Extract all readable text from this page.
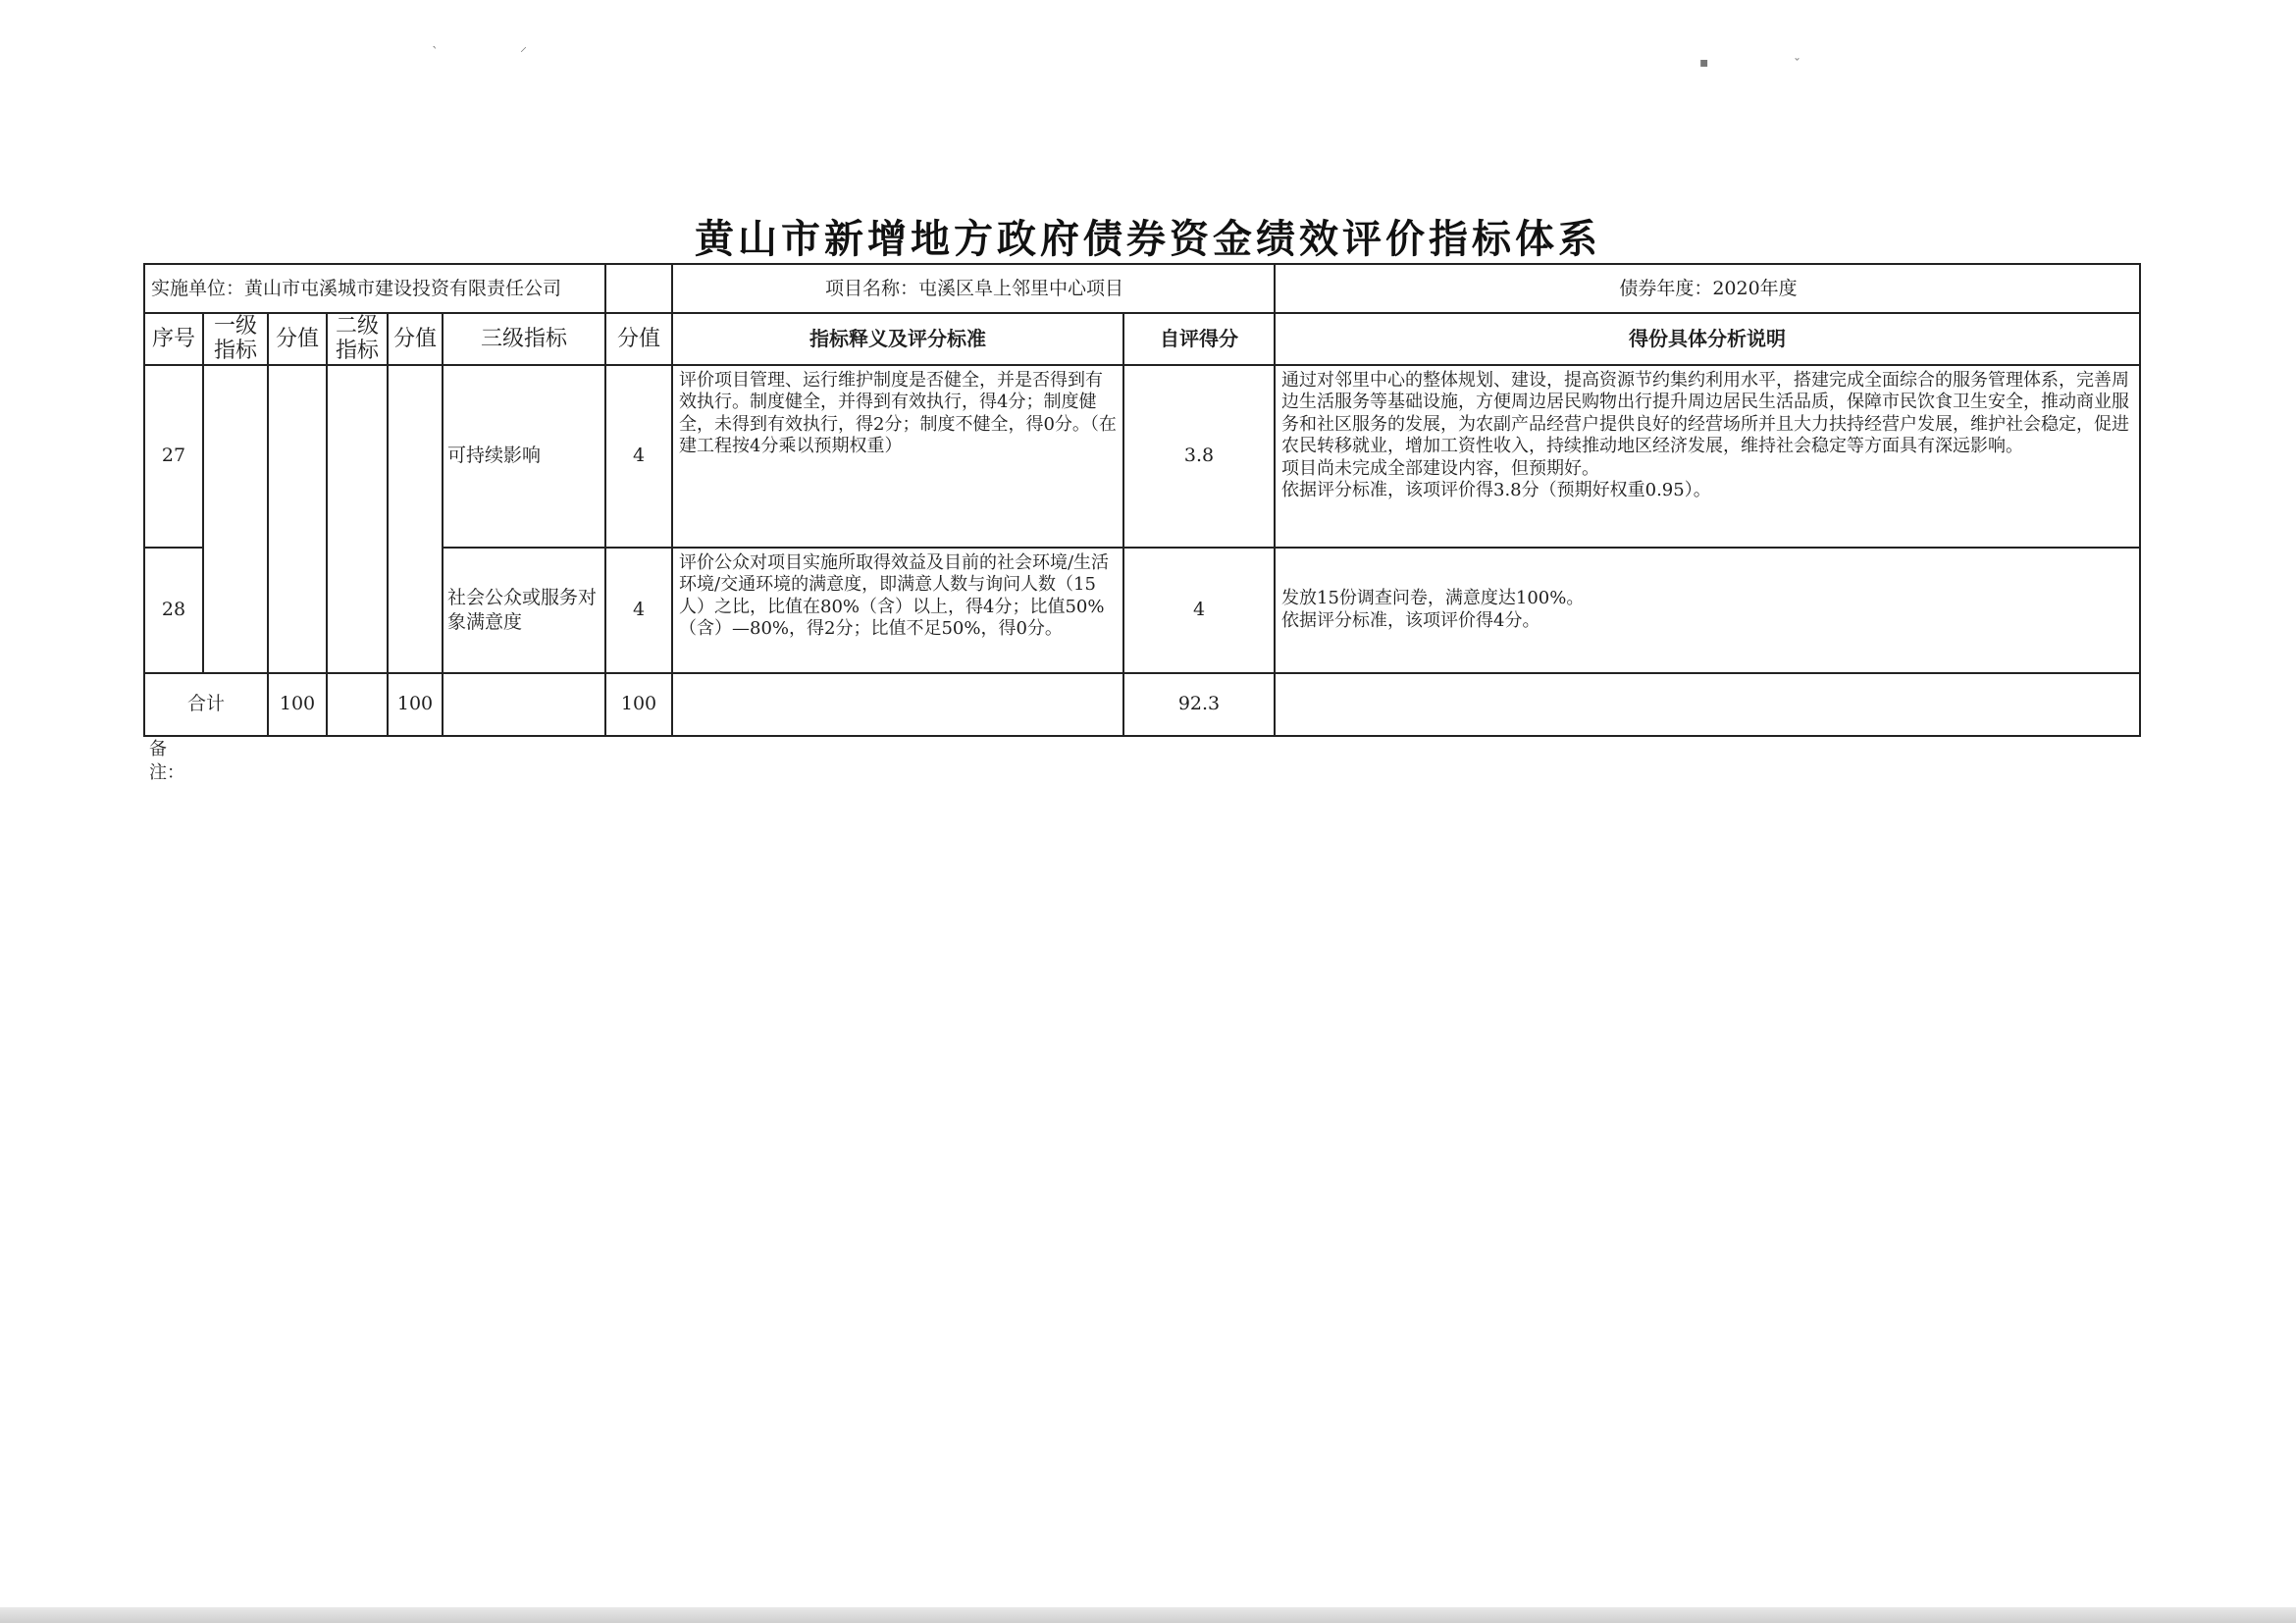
ˋ	⸝
▪	ˇ
黄山市新增地方政府债券资金绩效评价指标体系
实施单位：黄山市屯溪城市建设投资有限责任公司							项目名称：屯溪区阜上邻里中心项目		债券年度：2020年度
序号	一级指标	分值	二级指标	分值	三级指标	分值	指标释义及评分标准	自评得分	得份具体分析说明
27					可持续影响	4	评价项目管理、运行维护制度是否健全，并是否得到有效执行。制度健全，并得到有效执行，得4分；制度健全，未得到有效执行，得2分；制度不健全，得0分。（在建工程按4分乘以预期权重）	3.8	通过对邻里中心的整体规划、建设，提高资源节约集约利用水平，搭建完成全面综合的服务管理体系，完善周边生活服务等基础设施，方便周边居民购物出行提升周边居民生活品质，保障市民饮食卫生安全，推动商业服务和社区服务的发展，为农副产品经营户提供良好的经营场所并且大力扶持经营户发展，维护社会稳定，促进农民转移就业，增加工资性收入，持续推动地区经济发展，维持社会稳定等方面具有深远影响。
项目尚未完成全部建设内容，但预期好。
依据评分标准，该项评价得3.8分（预期好权重0.95）。
28					社会公众或服务对象满意度	4	评价公众对项目实施所取得效益及目前的社会环境/生活环境/交通环境的满意度，即满意人数与询问人数（15人）之比，比值在80%（含）以上，得4分；比值50%（含）—80%，得2分；比值不足50%，得0分。	4	发放15份调查问卷，满意度达100%。
依据评分标准，该项评价得4分。
合计		100		100		100		92.3	
备注：
